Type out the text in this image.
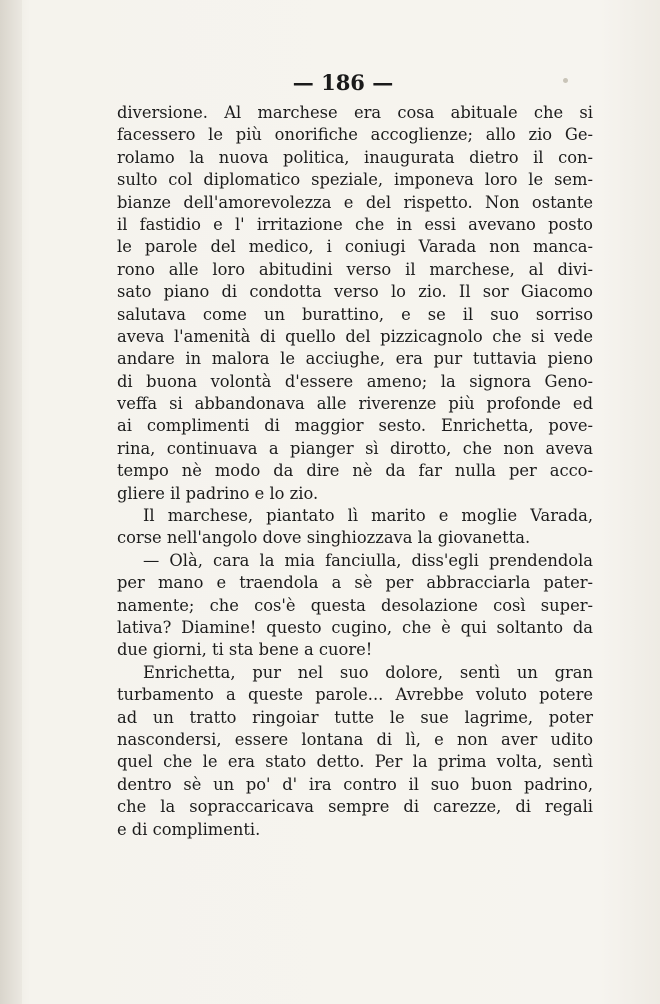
— 186 —
diversione. Al marchese era cosa abituale che si
facessero le più onorifiche accoglienze; allo zio Ge-
rolamo la nuova politica, inaugurata dietro il con-
sulto col diplomatico speziale, imponeva loro le sem-
bianze dell'amorevolezza e del rispetto. Non ostante
il fastidio e l' irritazione che in essi avevano posto
le parole del medico, i coniugi Varada non manca-
rono alle loro abitudini verso il marchese, al divi-
sato piano di condotta verso lo zio. Il sor Giacomo
salutava come un burattino, e se il suo sorriso
aveva l'amenità di quello del pizzicagnolo che si vede
andare in malora le acciughe, era pur tuttavia pieno
di buona volontà d'essere ameno; la signora Geno-
veffa si abbandonava alle riverenze più profonde ed
ai complimenti di maggior sesto. Enrichetta, pove-
rina, continuava a pianger sì dirotto, che non aveva
tempo nè modo da dire nè da far nulla per acco-
gliere il padrino e lo zio.
Il marchese, piantato lì marito e moglie Varada,
corse nell'angolo dove singhiozzava la giovanetta.
— Olà, cara la mia fanciulla, diss'egli prendendola
per mano e traendola a sè per abbracciarla pater-
namente; che cos'è questa desolazione così super-
lativa? Diamine! questo cugino, che è qui soltanto da
due giorni, ti sta bene a cuore!
Enrichetta, pur nel suo dolore, sentì un gran
turbamento a queste parole... Avrebbe voluto potere
ad un tratto ringoiar tutte le sue lagrime, poter
nascondersi, essere lontana di lì, e non aver udito
quel che le era stato detto. Per la prima volta, sentì
dentro sè un po' d' ira contro il suo buon padrino,
che la sopraccaricava sempre di carezze, di regali
e di complimenti.
